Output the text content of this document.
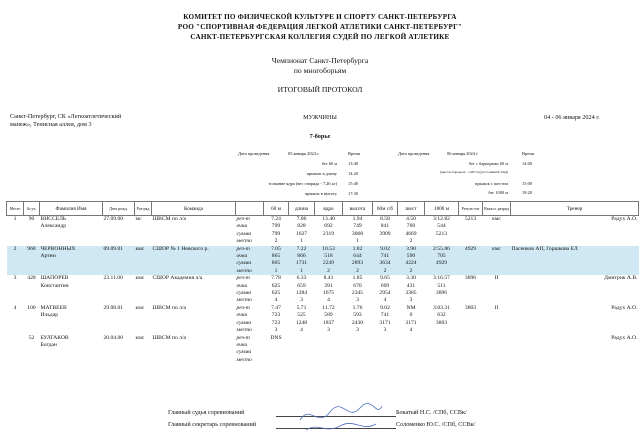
КОМИТЕТ ПО ФИЗИЧЕСКОЙ КУЛЬТУРЕ И СПОРТУ САНКТ-ПЕТЕРБУРГА
РОО "СПОРТИВНАЯ ФЕДЕРАЦИЯ ЛЕГКОЙ АТЛЕТИКИ САНКТ-ПЕТЕРБУРГ"
САНКТ-ПЕТЕРБУРГСКАЯ КОЛЛЕГИЯ СУДЕЙ ПО ЛЕГКОЙ АТЛЕТИКЕ
Чемпионат Санкт-Петербурга
по многоборьям
ИТОГОВЫЙ ПРОТОКОЛ
Санкт-Петербург, СК «Легкоатлетический
манеж», Тенисная аллея, дом 3
МУЖЧИНЫ	04 - 06 января 2024 г.
7-борье
Дата проведения	05 января 2024 г.	Время
бег 60 м	13:40
прыжок в длину	14:20
толкание ядра (вес снаряда - 7,26 кг)	15:40
прыжок в высоту	17:30
Дата проведения	06 января 2024 г.	Время
бег с барьерами 60 м	14:00
(высота барьеров - 1,067 м (расстояния:9,14м))
прыжок с шестом	15:00
бег 1000 м	18:20
Место	№ уч.	Фамилия Имя	Дата рожд.	Раз-ряд	Команда		60 м	длина	ядро	высота	60м с/б	шест	1000 м	Резуль-тат	Выпол. разряд	Тренер
1	90	ВИССЕЛЬ	27.09.00	мс	ШВСМ по л/а	рез-т	7.24	7.06	13.40	1.94	8.58	4.50	3:12.82	5213	кмс	Радух А.О.
		Александр				очки	799	828	692	749	841	760	544			
						сумма	799	1627	2319	3068	3909	4669	5213			
						место	2	1		1		2				
2	968	ЧЕРВОННЫХ	09.09.01	кмс	СШОР № 1 Невского р.	рез-т	7.05	7.22	10.53	1.82	9.02	3.90	2:55.86	4929	кмс	Пасенков АП, Горшкова ЕЛ
		Артем				очки	865	866	518	644	741	590	705			
						сумма	865	1731	2249	2893	3634	4224	4929			
						место	1	1	2	2	2	2				
3	428	ШАПОРЕВ	23.11.00	кмс	СШОР Академия л/а	рез-т	7.78	6.33	8.41	1.85	9.65	3.30	3:16.57	3896	II	Дмитрик А.В.
		Константин				очки	625	659	391	670	609	431	511			
						сумма	625	1284	1675	2345	2954	3385	3896			
						место	4	3	4	3	4	3				
4	100	МАТВЕЕВ	29.08.01	кмс	ШВСМ по л/а	рез-т	7.47	5.71	11.72	1.76	9.02	NM	3:03.31	3803	II	Радух А.О.
		Ильдар				очки	723	525	589	593	741	0	632			
						сумма	723	1248	1837	2430	3171	3171	3803			
						место	3	4	3	3	3	4				
	52	БУЛГАКОВ	20.04.00	кмс	ШВСМ по л/а	рез-т	DNS									Радух А.О.
		Богдан				очки										
						сумма										
						место										
Главный судья соревнований	Бокатый Н.С. /СПб, ССВк/
Главный секретарь соревнований	Соломенко Ю.С. /СПб, ССВк/
